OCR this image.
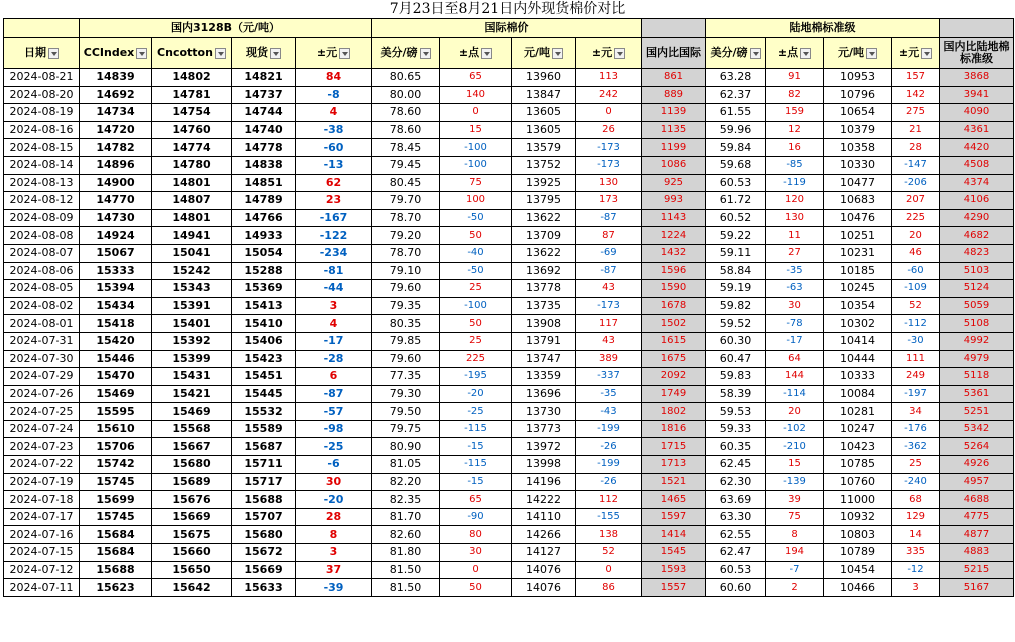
7月23日至8月21日内外现货棉价对比
	国内3128B（元/吨）				国际棉价					陆地棉标准级				
日期	CCIndex	Cncotton	现货	±元	美分/磅	±点	元/吨	±元	国内比国际	美分/磅	±点	元/吨	±元	国内比陆地棉标准级
2024-08-21	14839	14802	14821	84	80.65	65	13960	113	861	63.28	91	10953	157	3868
2024-08-20	14692	14781	14737	-8	80.00	140	13847	242	889	62.37	82	10796	142	3941
2024-08-19	14734	14754	14744	4	78.60	0	13605	0	1139	61.55	159	10654	275	4090
2024-08-16	14720	14760	14740	-38	78.60	15	13605	26	1135	59.96	12	10379	21	4361
2024-08-15	14782	14774	14778	-60	78.45	-100	13579	-173	1199	59.84	16	10358	28	4420
2024-08-14	14896	14780	14838	-13	79.45	-100	13752	-173	1086	59.68	-85	10330	-147	4508
2024-08-13	14900	14801	14851	62	80.45	75	13925	130	925	60.53	-119	10477	-206	4374
2024-08-12	14770	14807	14789	23	79.70	100	13795	173	993	61.72	120	10683	207	4106
2024-08-09	14730	14801	14766	-167	78.70	-50	13622	-87	1143	60.52	130	10476	225	4290
2024-08-08	14924	14941	14933	-122	79.20	50	13709	87	1224	59.22	11	10251	20	4682
2024-08-07	15067	15041	15054	-234	78.70	-40	13622	-69	1432	59.11	27	10231	46	4823
2024-08-06	15333	15242	15288	-81	79.10	-50	13692	-87	1596	58.84	-35	10185	-60	5103
2024-08-05	15394	15343	15369	-44	79.60	25	13778	43	1590	59.19	-63	10245	-109	5124
2024-08-02	15434	15391	15413	3	79.35	-100	13735	-173	1678	59.82	30	10354	52	5059
2024-08-01	15418	15401	15410	4	80.35	50	13908	117	1502	59.52	-78	10302	-112	5108
2024-07-31	15420	15392	15406	-17	79.85	25	13791	43	1615	60.30	-17	10414	-30	4992
2024-07-30	15446	15399	15423	-28	79.60	225	13747	389	1675	60.47	64	10444	111	4979
2024-07-29	15470	15431	15451	6	77.35	-195	13359	-337	2092	59.83	144	10333	249	5118
2024-07-26	15469	15421	15445	-87	79.30	-20	13696	-35	1749	58.39	-114	10084	-197	5361
2024-07-25	15595	15469	15532	-57	79.50	-25	13730	-43	1802	59.53	20	10281	34	5251
2024-07-24	15610	15568	15589	-98	79.75	-115	13773	-199	1816	59.33	-102	10247	-176	5342
2024-07-23	15706	15667	15687	-25	80.90	-15	13972	-26	1715	60.35	-210	10423	-362	5264
2024-07-22	15742	15680	15711	-6	81.05	-115	13998	-199	1713	62.45	15	10785	25	4926
2024-07-19	15745	15689	15717	30	82.20	-15	14196	-26	1521	62.30	-139	10760	-240	4957
2024-07-18	15699	15676	15688	-20	82.35	65	14222	112	1465	63.69	39	11000	68	4688
2024-07-17	15745	15669	15707	28	81.70	-90	14110	-155	1597	63.30	75	10932	129	4775
2024-07-16	15684	15675	15680	8	82.60	80	14266	138	1414	62.55	8	10803	14	4877
2024-07-15	15684	15660	15672	3	81.80	30	14127	52	1545	62.47	194	10789	335	4883
2024-07-12	15688	15650	15669	37	81.50	0	14076	0	1593	60.53	-7	10454	-12	5215
2024-07-11	15623	15642	15633	-39	81.50	50	14076	86	1557	60.60	2	10466	3	5167
